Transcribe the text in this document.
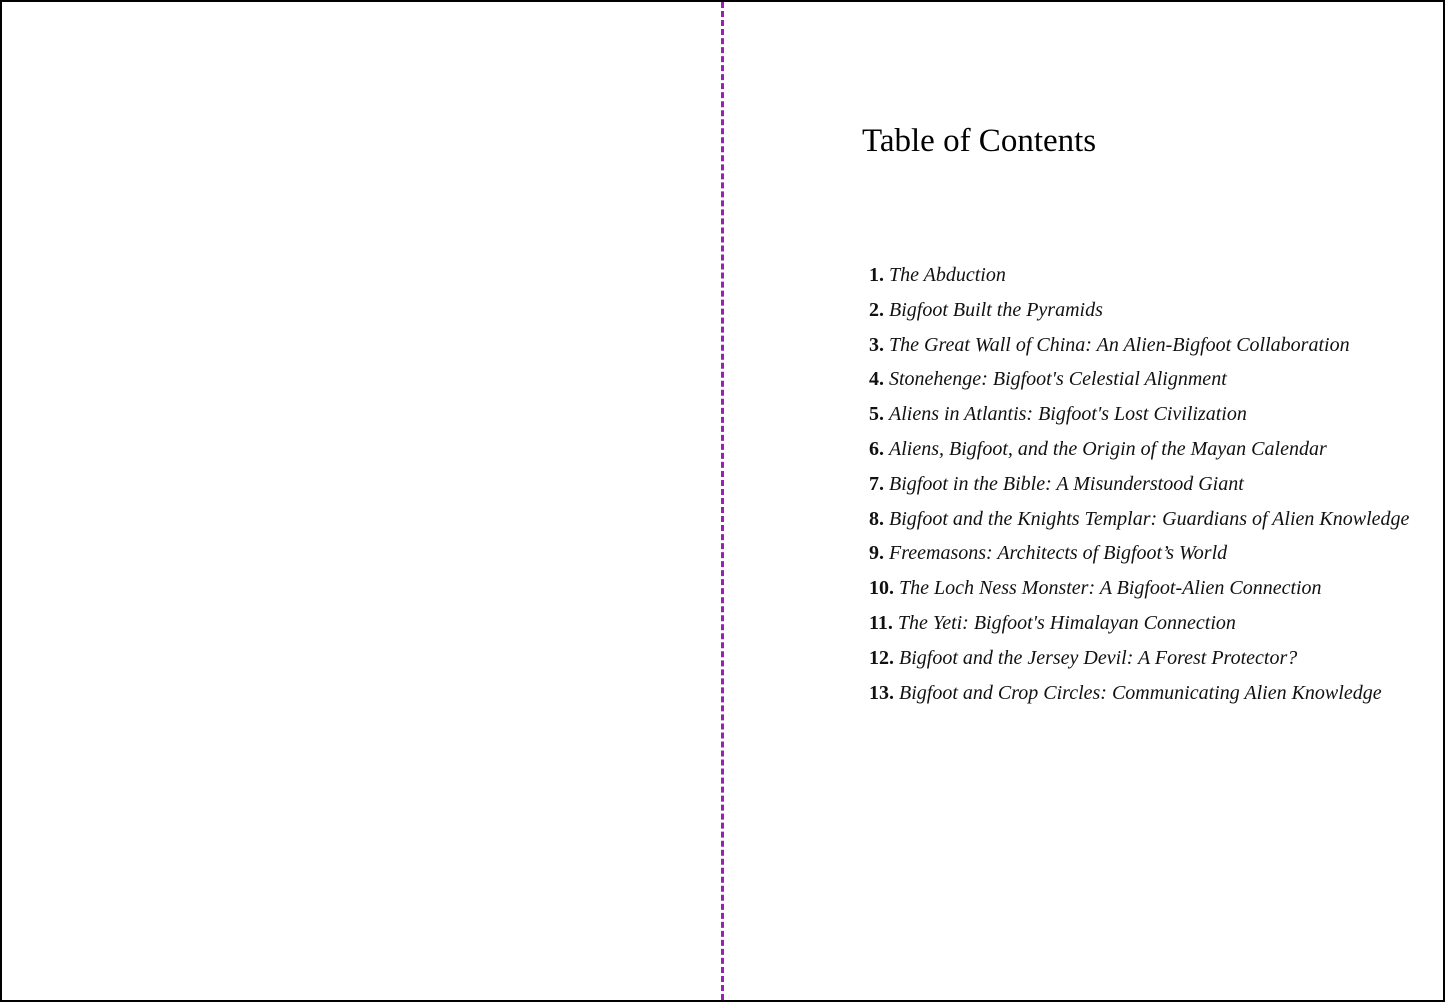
Table of Contents
1. The Abduction
2. Bigfoot Built the Pyramids
3. The Great Wall of China: An Alien-Bigfoot Collaboration
4. Stonehenge: Bigfoot's Celestial Alignment
5. Aliens in Atlantis: Bigfoot's Lost Civilization
6. Aliens, Bigfoot, and the Origin of the Mayan Calendar
7. Bigfoot in the Bible: A Misunderstood Giant
8. Bigfoot and the Knights Templar: Guardians of Alien Knowledge
9. Freemasons: Architects of Bigfoot’s World
10. The Loch Ness Monster: A Bigfoot-Alien Connection
11. The Yeti: Bigfoot's Himalayan Connection
12. Bigfoot and the Jersey Devil: A Forest Protector?
13. Bigfoot and Crop Circles: Communicating Alien Knowledge
